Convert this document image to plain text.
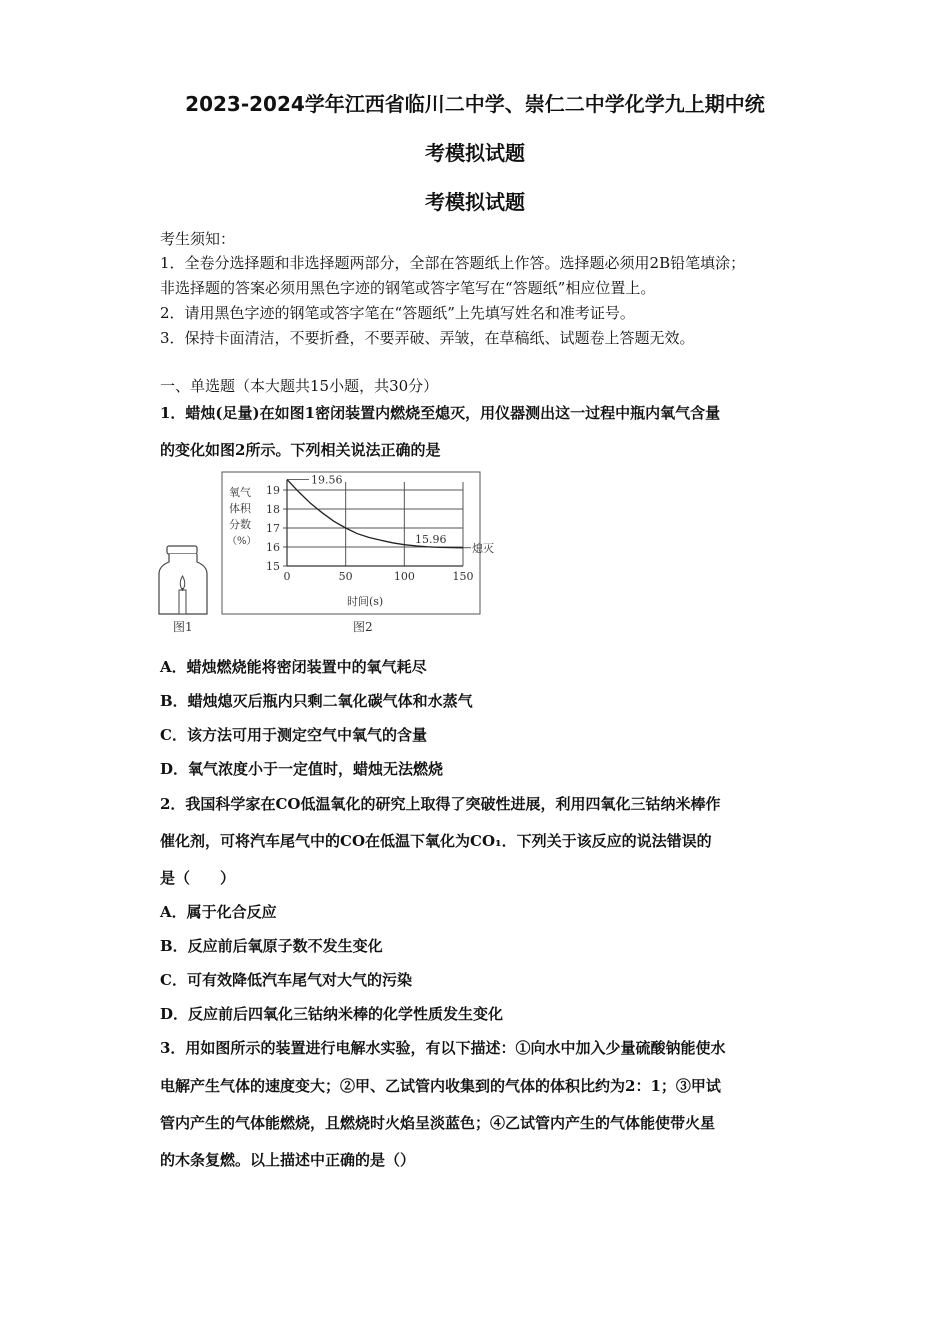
2023-2024学年江西省临川二中学、崇仁二中学化学九上期中统
考模拟试题
考模拟试题
考生须知：
1．全卷分选择题和非选择题两部分，全部在答题纸上作答。选择题必须用2B铅笔填涂；
非选择题的答案必须用黑色字迹的钢笔或答字笔写在“答题纸”相应位置上。
2．请用黑色字迹的钢笔或答字笔在“答题纸”上先填写姓名和准考证号。
3．保持卡面清洁，不要折叠，不要弄破、弄皱，在草稿纸、试题卷上答题无效。
一、单选题（本大题共15小题，共30分）
1．蜡烛(足量)在如图1密闭装置内燃烧至熄灭，用仪器测出这一过程中瓶内氧气含量
的变化如图2所示。下列相关说法正确的是
图1
0	50	100	150
15
16
17
18
19
19.56
15.96
熄灭
氧气
体积
分数
（%）
时间(s)
图2
A．蜡烛燃烧能将密闭装置中的氧气耗尽
B．蜡烛熄灭后瓶内只剩二氧化碳气体和水蒸气
C．该方法可用于测定空气中氧气的含量
D．氧气浓度小于一定值时，蜡烛无法燃烧
2．我国科学家在CO低温氧化的研究上取得了突破性进展，利用四氧化三钴纳米棒作
催化剂，可将汽车尾气中的CO在低温下氧化为CO₁．下列关于该反应的说法错误的
是（　　）
A．属于化合反应
B．反应前后氧原子数不发生变化
C．可有效降低汽车尾气对大气的污染
D．反应前后四氧化三钴纳米棒的化学性质发生变化
3．用如图所示的装置进行电解水实验，有以下描述：①向水中加入少量硫酸钠能使水
电解产生气体的速度变大；②甲、乙试管内收集到的气体的体积比约为2：1；③甲试
管内产生的气体能燃烧，且燃烧时火焰呈淡蓝色；④乙试管内产生的气体能使带火星
的木条复燃。以上描述中正确的是（）
